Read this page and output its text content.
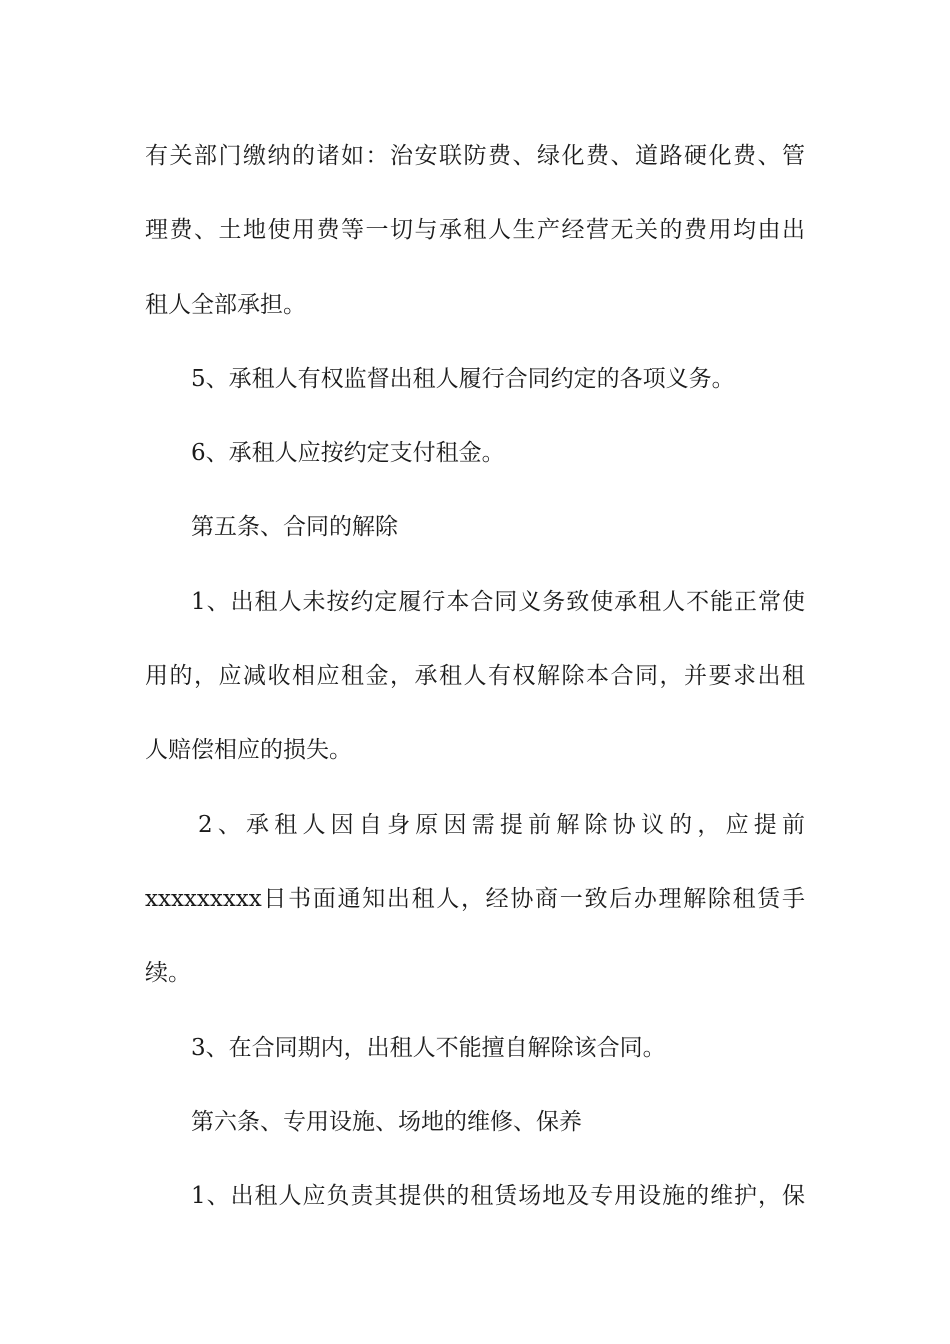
有关部门缴纳的诸如：治安联防费、绿化费、道路硬化费、管
理费、土地使用费等一切与承租人生产经营无关的费用均由出
租人全部承担。
5、承租人有权监督出租人履行合同约定的各项义务。
6、承租人应按约定支付租金。
第五条、合同的解除
1、出租人未按约定履行本合同义务致使承租人不能正常使
用的，应减收相应租金，承租人有权解除本合同，并要求出租
人赔偿相应的损失。
2、承租人因自身原因需提前解除协议的，应提前
xxxxxxxxx日书面通知出租人，经协商一致后办理解除租赁手
续。
3、在合同期内，出租人不能擅自解除该合同。
第六条、专用设施、场地的维修、保养
1、出租人应负责其提供的租赁场地及专用设施的维护，保
